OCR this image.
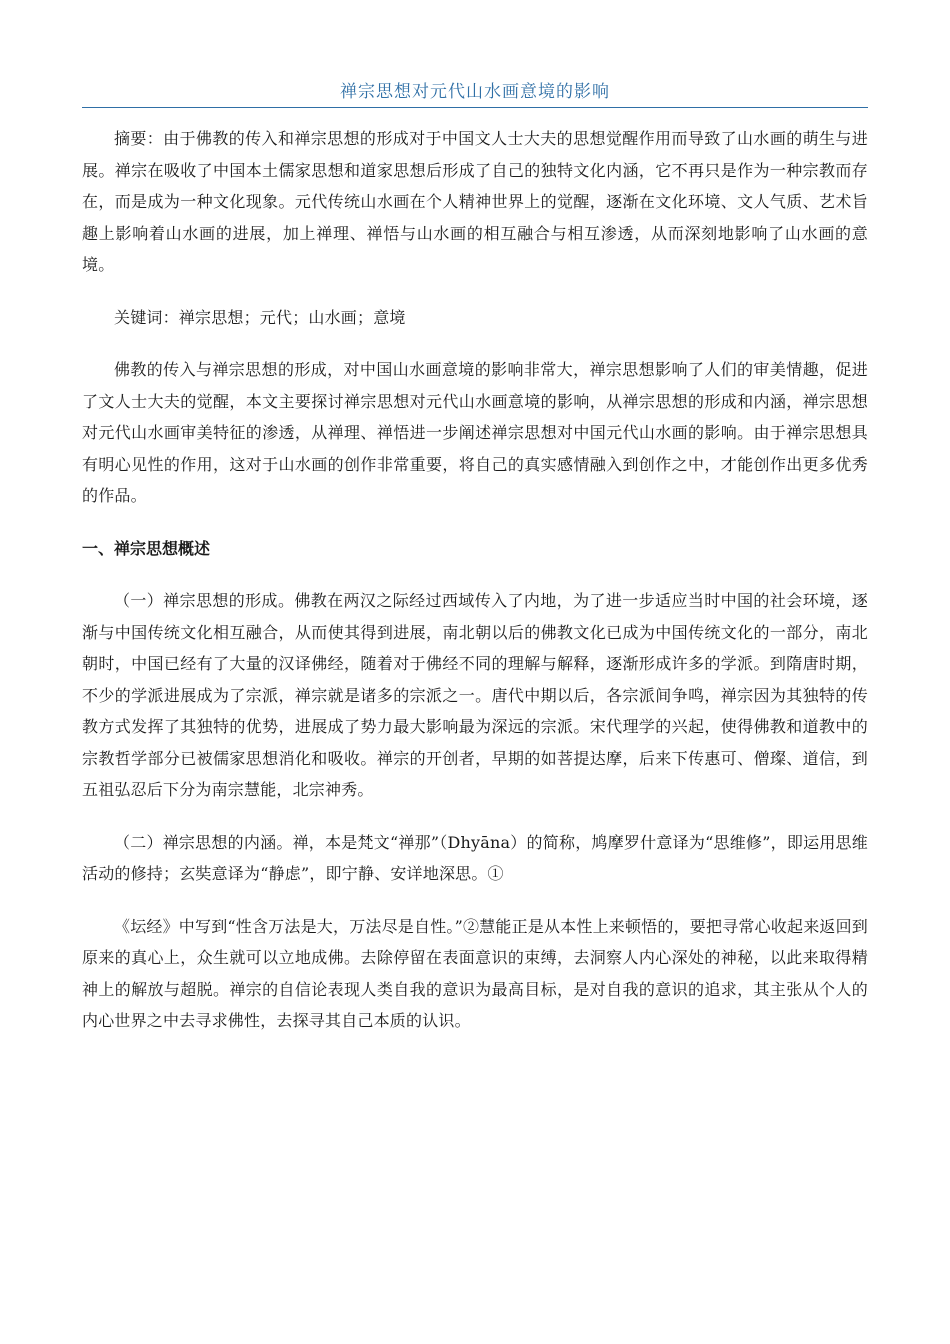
禅宗思想对元代山水画意境的影响

摘要：由于佛教的传入和禅宗思想的形成对于中国文人士大夫的思想觉醒作用而导致了山水画的萌生与进展。禅宗在吸收了中国本土儒家思想和道家思想后形成了自己的独特文化内涵，它不再只是作为一种宗教而存在，而是成为一种文化现象。元代传统山水画在个人精神世界上的觉醒，逐渐在文化环境、文人气质、艺术旨趣上影响着山水画的进展，加上禅理、禅悟与山水画的相互融合与相互渗透，从而深刻地影响了山水画的意境。

关键词：禅宗思想；元代；山水画；意境

佛教的传入与禅宗思想的形成，对中国山水画意境的影响非常大，禅宗思想影响了人们的审美情趣，促进了文人士大夫的觉醒，本文主要探讨禅宗思想对元代山水画意境的影响，从禅宗思想的形成和内涵，禅宗思想对元代山水画审美特征的渗透，从禅理、禅悟进一步阐述禅宗思想对中国元代山水画的影响。由于禅宗思想具有明心见性的作用，这对于山水画的创作非常重要，将自己的真实感情融入到创作之中，才能创作出更多优秀的作品。

一、禅宗思想概述

（一）禅宗思想的形成。佛教在两汉之际经过西域传入了内地，为了进一步适应当时中国的社会环境，逐渐与中国传统文化相互融合，从而使其得到进展，南北朝以后的佛教文化已成为中国传统文化的一部分，南北朝时，中国已经有了大量的汉译佛经，随着对于佛经不同的理解与解释，逐渐形成许多的学派。到隋唐时期，不少的学派进展成为了宗派，禅宗就是诸多的宗派之一。唐代中期以后，各宗派间争鸣，禅宗因为其独特的传教方式发挥了其独特的优势，进展成了势力最大影响最为深远的宗派。宋代理学的兴起，使得佛教和道教中的宗教哲学部分已被儒家思想消化和吸收。禅宗的开创者，早期的如菩提达摩，后来下传惠可、僧璨、道信，到五祖弘忍后下分为南宗慧能，北宗神秀。

（二）禅宗思想的内涵。禅，本是梵文“禅那”（Dhyāna）的简称，鸠摩罗什意译为“思维修”，即运用思维活动的修持；玄奘意译为“静虑”，即宁静、安详地深思。①

《坛经》中写到“性含万法是大，万法尽是自性。”②慧能正是从本性上来顿悟的，要把寻常心收起来返回到原来的真心上，众生就可以立地成佛。去除停留在表面意识的束缚，去洞察人内心深处的神秘，以此来取得精神上的解放与超脱。禅宗的自信论表现人类自我的意识为最高目标，是对自我的意识的追求，其主张从个人的内心世界之中去寻求佛性，去探寻其自己本质的认识。
